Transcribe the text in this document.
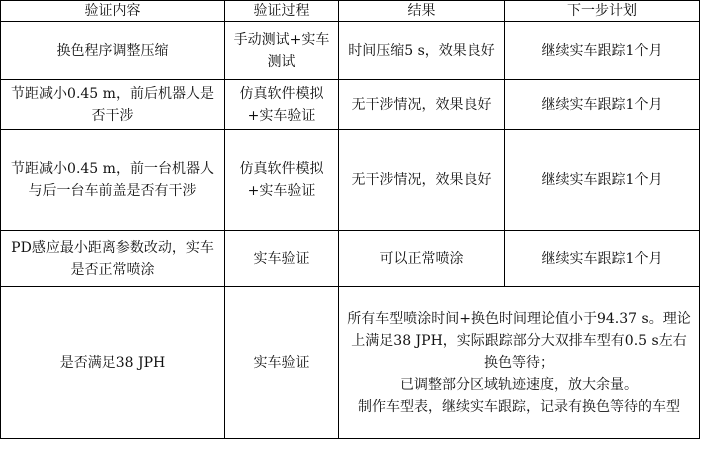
验证内容	验证过程	结果	下一步计划
换色程序调整压缩	手动测试+实车测试	时间压缩5 s，效果良好	继续实车跟踪1个月
节距减小0.45 m，前后机器人是否干涉	仿真软件模拟+实车验证	无干涉情况，效果良好	继续实车跟踪1个月
节距减小0.45 m，前一台机器人与后一台车前盖是否有干涉	仿真软件模拟+实车验证	无干涉情况，效果良好	继续实车跟踪1个月
PD感应最小距离参数改动，实车是否正常喷涂	实车验证	可以正常喷涂	继续实车跟踪1个月
是否满足38 JPH	实车验证	所有车型喷涂时间+换色时间理论值小于94.37 s。理论上满足38 JPH，实际跟踪部分大双排车型有0.5 s左右换色等待；
已调整部分区域轨迹速度，放大余量。
制作车型表，继续实车跟踪，记录有换色等待的车型	
